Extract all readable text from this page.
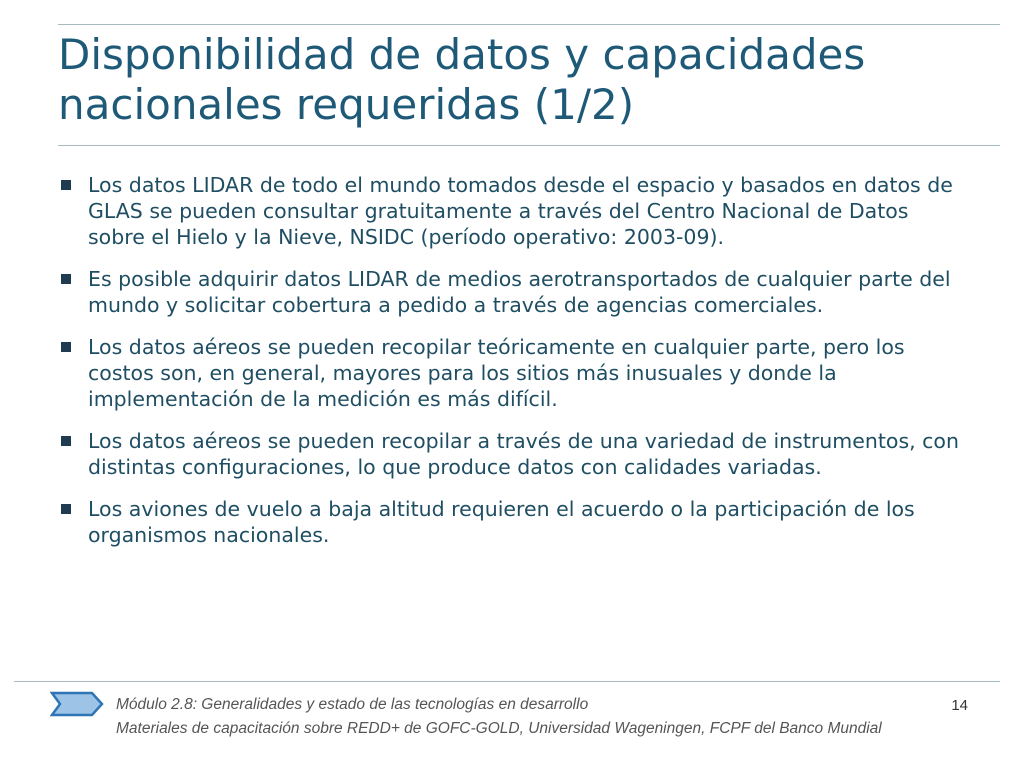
Disponibilidad de datos y capacidades nacionales requeridas (1/2)
Los datos LIDAR de todo el mundo tomados desde el espacio y basados en datos de GLAS se pueden consultar gratuitamente a través del Centro Nacional de Datos sobre el Hielo y la Nieve, NSIDC (período operativo: 2003-09).
Es posible adquirir datos LIDAR de medios aerotransportados de cualquier parte del mundo y solicitar cobertura a pedido a través de agencias comerciales.
Los datos aéreos se pueden recopilar teóricamente en cualquier parte, pero los costos son, en general, mayores para los sitios más inusuales y donde la implementación de la medición es más difícil.
Los datos aéreos se pueden recopilar a través de una variedad de instrumentos, con distintas configuraciones, lo que produce datos con calidades variadas.
Los aviones de vuelo a baja altitud requieren el acuerdo o la participación de los organismos nacionales.
Módulo 2.8: Generalidades y estado de las tecnologías en desarrollo
Materiales de capacitación sobre REDD+ de GOFC-GOLD, Universidad Wageningen, FCPF del Banco Mundial
14
